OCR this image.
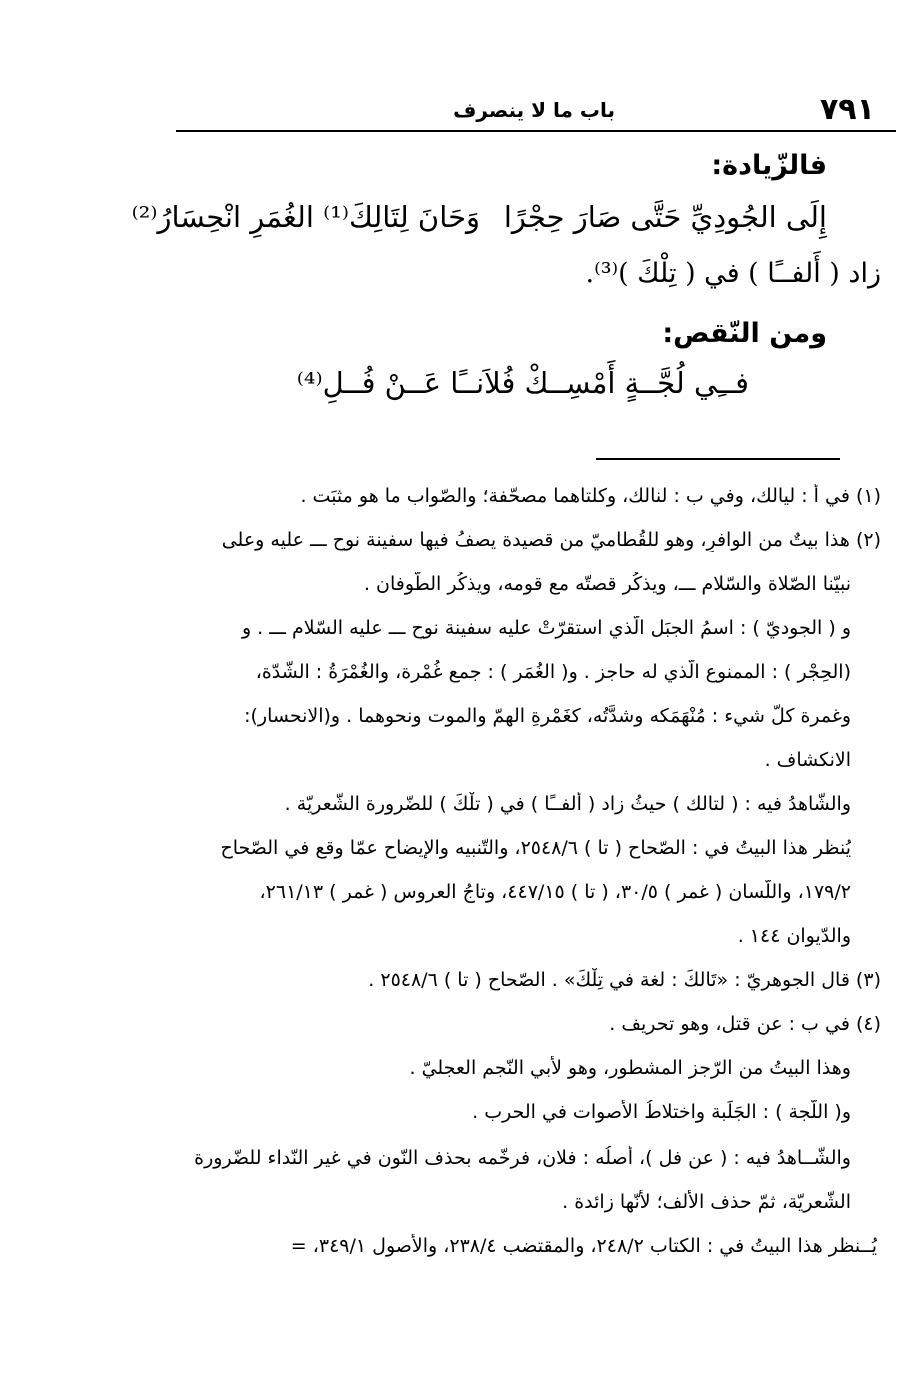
٧٩١
باب ما لا ينصرف
فالزّيادة:
إِلَى الجُودِيِّ حَتَّى صَارَ حِجْرًا
وَحَانَ لِتَالِكَ⁽¹⁾ الغُمَرِ انْحِسَارُ⁽²⁾
زاد ( أَلفــًا ) في ( تِلْكَ )⁽³⁾.
ومن النّقص:
فــِي لُجَّــةٍ أَمْسِــكْ فُلاَنــًا عَــنْ فُــلِ⁽⁴⁾
(١) في أ : ليالك، وفي ب : لنالك، وكلتاهما مصحّفة؛ والصّواب ما هو مثبَت .
(٢) هذا بيتٌ من الوافرِ، وهو للقُطاميّ من قصيدة يصفُ فيها سفينة نوحٍ ـــ عليه وعلى
نبيّنا الصّلاة والسّلام ـــ، ويذكُر قصتّه مع قومه، ويذكُر الطّوفان .
و ( الجوديّ ) : اسمُ الجبَل الّذي استقرّتْ عليه سفينة نوحٍ ـــ عليه السّلام ـــ . و
(الحِجْر ) : الممنوع الّذي له حاجز . و( الغُمَر ) : جمع غُمْرة، والغُمْرَةُ : الشّدّة،
وغمرة كلّ شيء : مُنْهَمَكه وشدَّتُه، كغَمْرةِ الهمّ والموت ونحوهما . و(الانحسار):
الانكشاف .
والشّاهدُ فيه : ( لتالك ) حيثُ زاد ( ألفــًا ) في ( تلْكَ ) للضّرورة الشّعريّة .
يُنظر هذا البيتُ في : الصّحاح ( تا ) ٢٥٤٨/٦، والتّنبيه والإيضاح عمّا وقع في الصّحاح
١٧٩/٢، واللّسان ( غمر ) ٣٠/٥، ( تا ) ٤٤٧/١٥، وتاجُ العروس ( غمر ) ٢٦١/١٣،
والدّيوان ١٤٤ .
(٣) قال الجوهريّ : «تَالكَ : لغة في تِلْكَ» . الصّحاح ( تا ) ٢٥٤٨/٦ .
(٤) في ب : عن قتل، وهو تحريف .
وهذا البيتُ من الرّجز المشطور، وهو لأبي النّجم العجليّ .
و( اللّجة ) : الجَلَبة واختلاطُ الأصوات في الحرب .
والشّــاهدُ فيه : ( عن فل )، أصلُه : فلان، فرخّمه بحذف النّون في غير النّداء للضّرورة
الشّعريّة، ثمّ حذف الألف؛ لأنّها زائدة .
يُــنظر هذا البيتُ في : الكتاب ٢٤٨/٢، والمقتضب ٢٣٨/٤، والأُصول ٣٤٩/١، =
